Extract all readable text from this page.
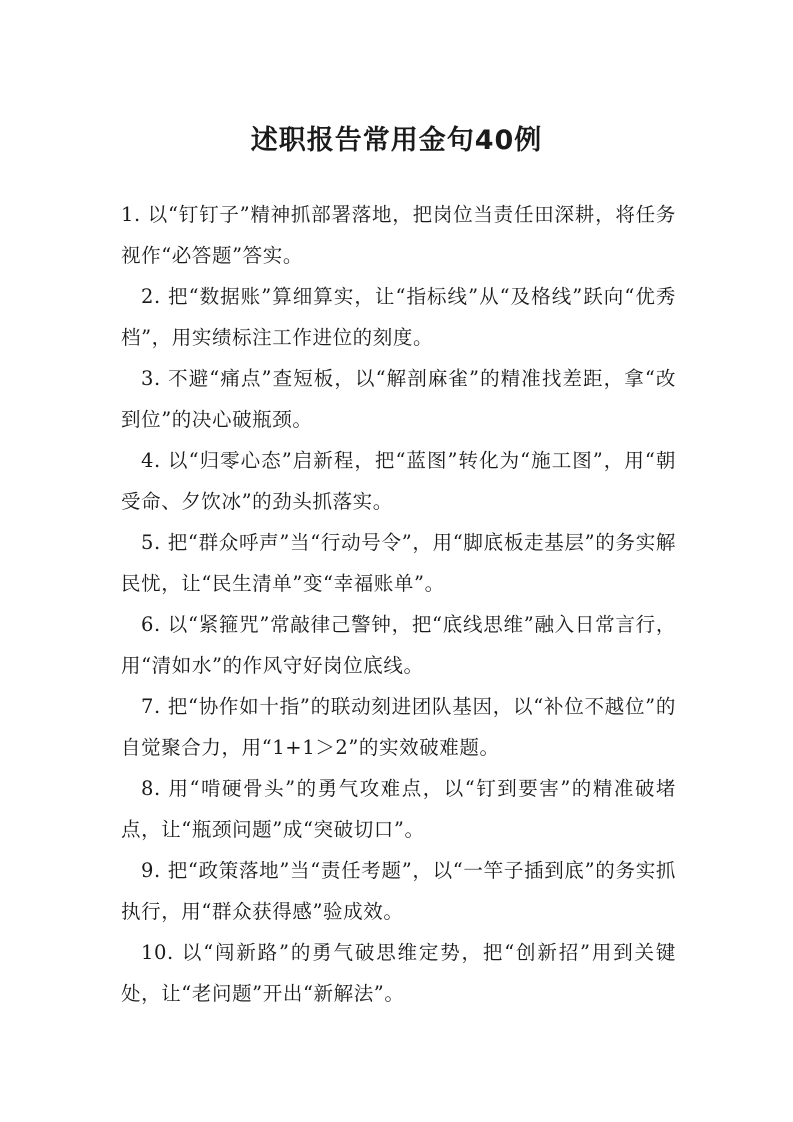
述职报告常用金句40例

1. 以“钉钉子”精神抓部署落地，把岗位当责任田深耕，将任务视作“必答题”答实。

2. 把“数据账”算细算实，让“指标线”从“及格线”跃向“优秀档”，用实绩标注工作进位的刻度。

3. 不避“痛点”查短板，以“解剖麻雀”的精准找差距，拿“改到位”的决心破瓶颈。

4. 以“归零心态”启新程，把“蓝图”转化为“施工图”，用“朝受命、夕饮冰”的劲头抓落实。

5. 把“群众呼声”当“行动号令”，用“脚底板走基层”的务实解民忧，让“民生清单”变“幸福账单”。

6. 以“紧箍咒”常敲律己警钟，把“底线思维”融入日常言行，用“清如水”的作风守好岗位底线。

7. 把“协作如十指”的联动刻进团队基因，以“补位不越位”的自觉聚合力，用“1+1＞2”的实效破难题。

8. 用“啃硬骨头”的勇气攻难点，以“钉到要害”的精准破堵点，让“瓶颈问题”成“突破切口”。

9. 把“政策落地”当“责任考题”，以“一竿子插到底”的务实抓执行，用“群众获得感”验成效。

10. 以“闯新路”的勇气破思维定势，把“创新招”用到关键处，让“老问题”开出“新解法”。
